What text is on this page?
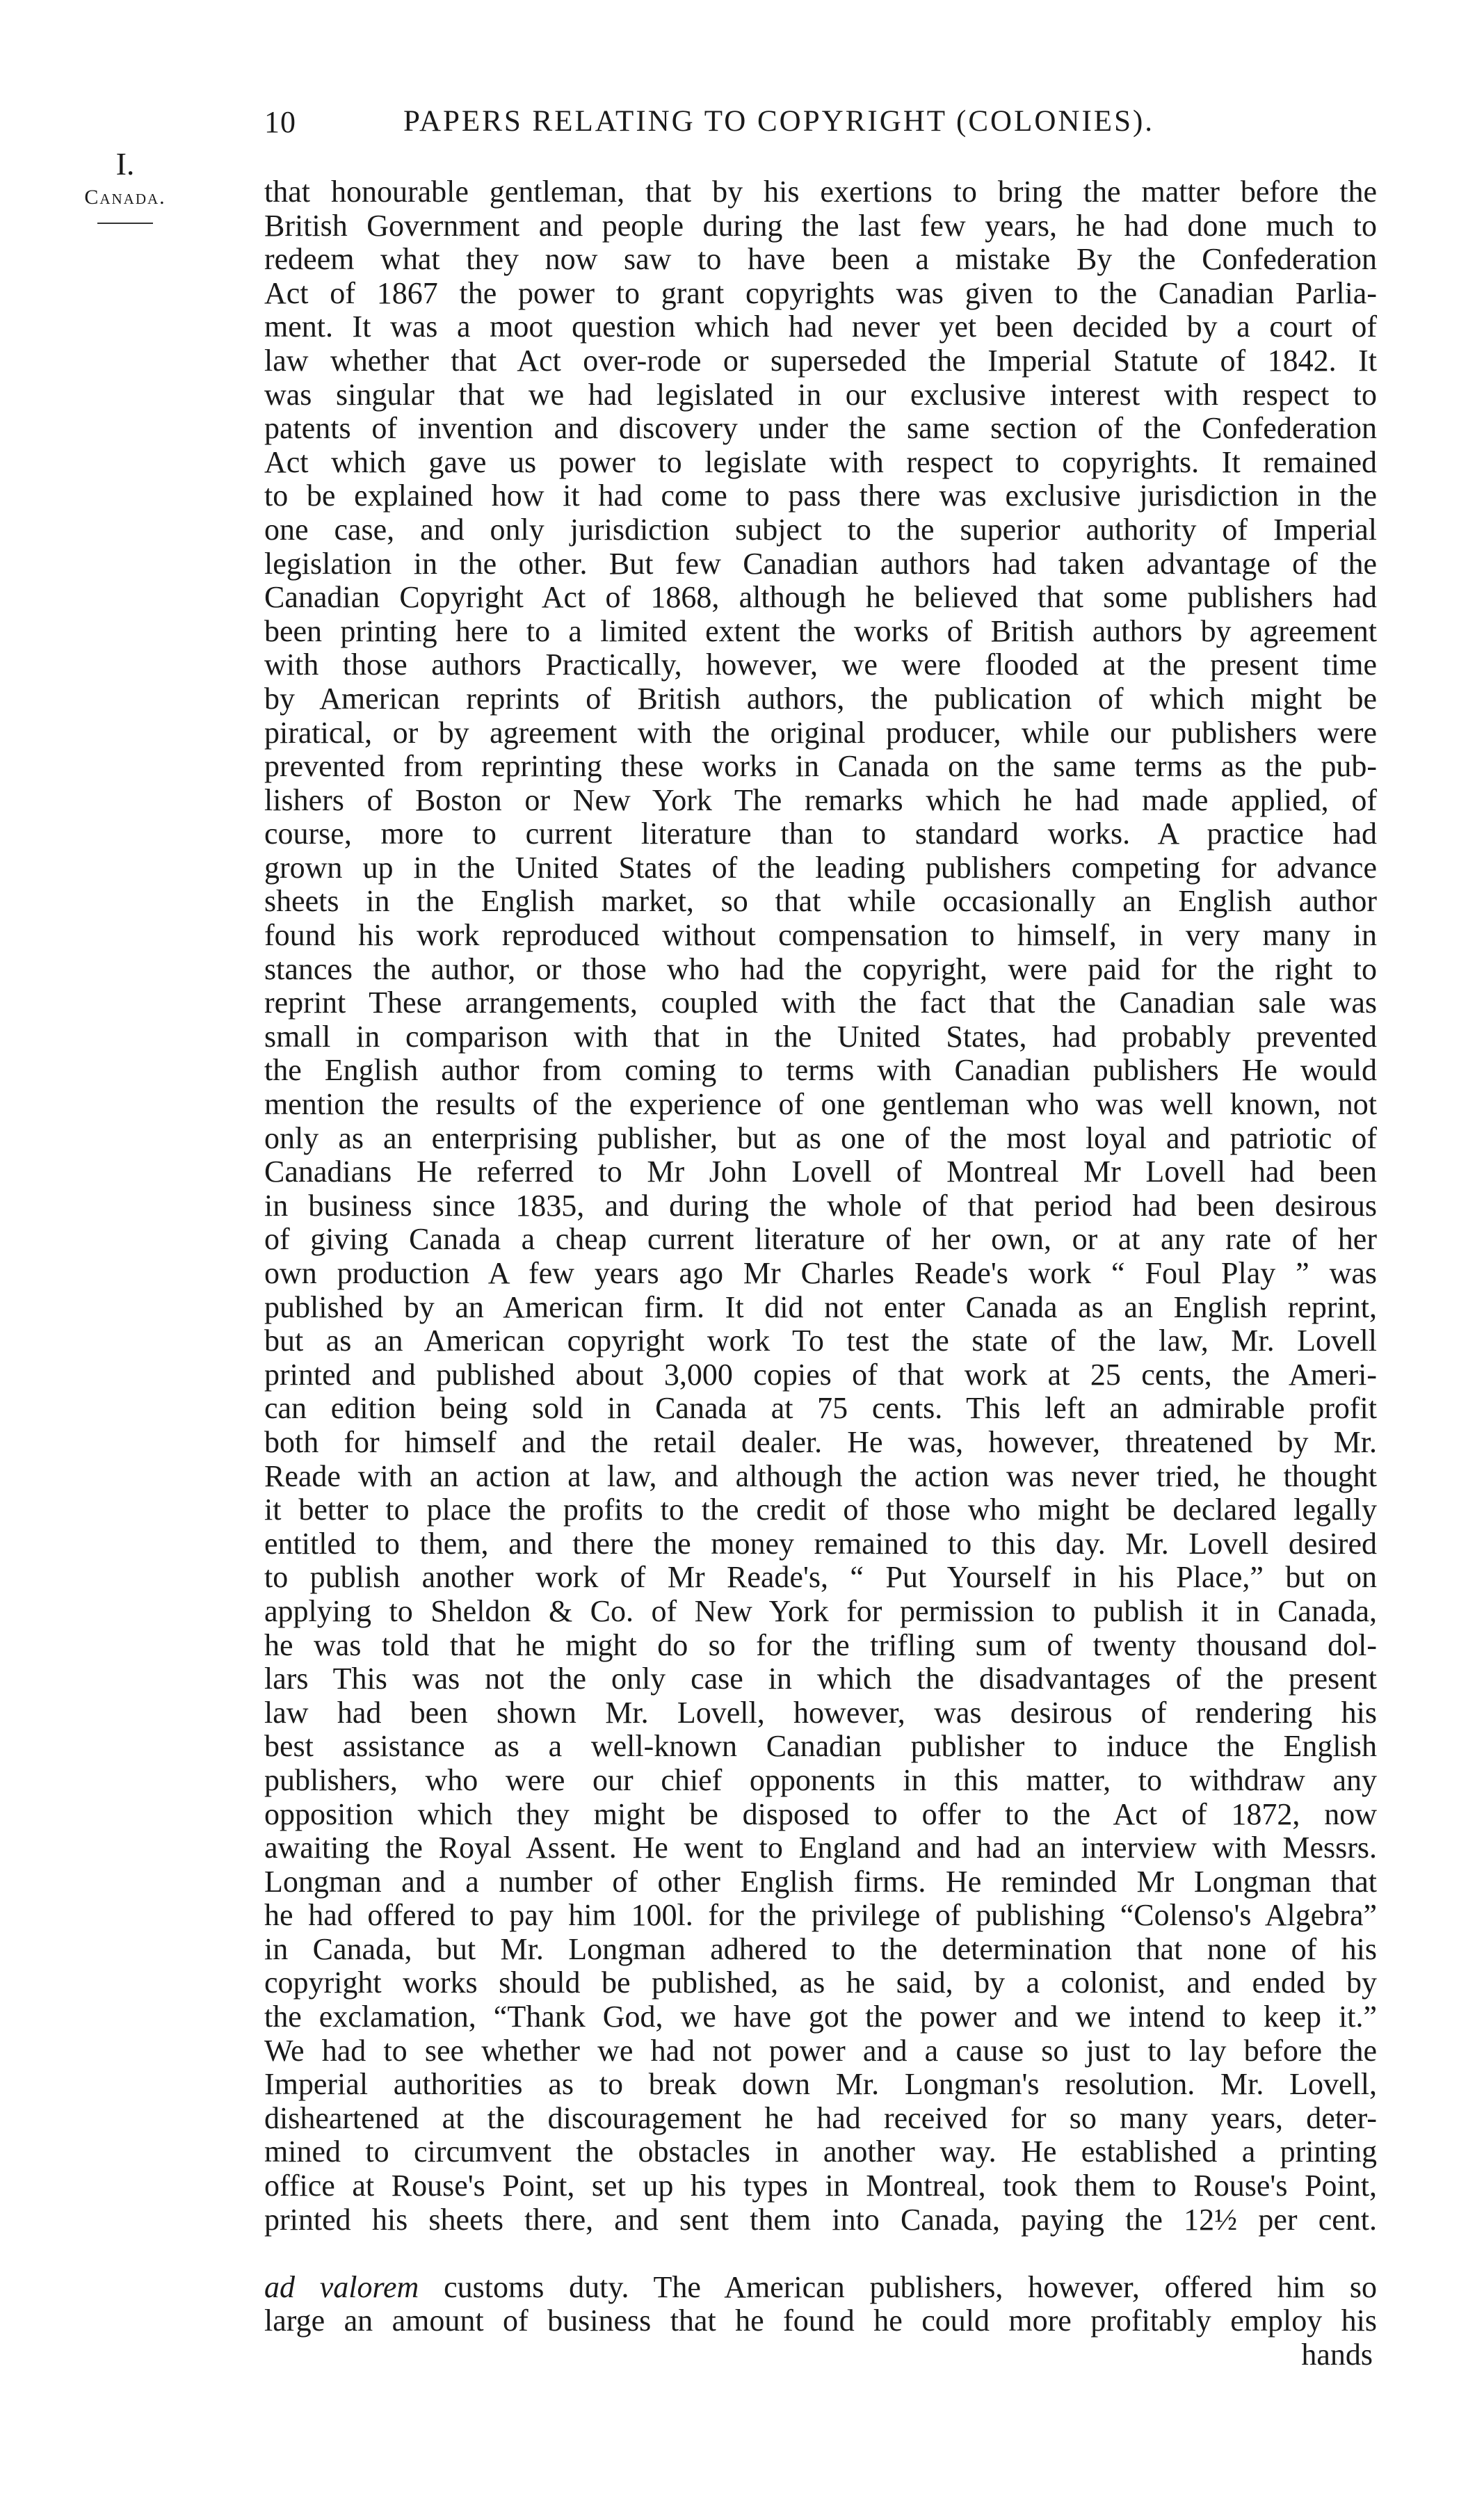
10	PAPERS RELATING TO COPYRIGHT (COLONIES).
I.
Canada.	that honourable gentleman, that by his exertions to bring the matter before the
British Government and people during the last few years, he had done much to
redeem what they now saw to have been a mistake By the Confederation
Act of 1867 the power to grant copyrights was given to the Canadian Parlia-
ment. It was a moot question which had never yet been decided by a court of
law whether that Act over-rode or superseded the Imperial Statute of 1842. It
was singular that we had legislated in our exclusive interest with respect to
patents of invention and discovery under the same section of the Confederation
Act which gave us power to legislate with respect to copyrights. It remained
to be explained how it had come to pass there was exclusive jurisdiction in the
one case, and only jurisdiction subject to the superior authority of Imperial
legislation in the other. But few Canadian authors had taken advantage of the
Canadian Copyright Act of 1868, although he believed that some publishers had
been printing here to a limited extent the works of British authors by agreement
with those authors Practically, however, we were flooded at the present time
by American reprints of British authors, the publication of which might be
piratical, or by agreement with the original producer, while our publishers were
prevented from reprinting these works in Canada on the same terms as the pub-
lishers of Boston or New York The remarks which he had made applied, of
course, more to current literature than to standard works. A practice had
grown up in the United States of the leading publishers competing for advance
sheets in the English market, so that while occasionally an English author
found his work reproduced without compensation to himself, in very many in
stances the author, or those who had the copyright, were paid for the right to
reprint These arrangements, coupled with the fact that the Canadian sale was
small in comparison with that in the United States, had probably prevented
the English author from coming to terms with Canadian publishers He would
mention the results of the experience of one gentleman who was well known, not
only as an enterprising publisher, but as one of the most loyal and patriotic of
Canadians He referred to Mr John Lovell of Montreal Mr Lovell had been
in business since 1835, and during the whole of that period had been desirous
of giving Canada a cheap current literature of her own, or at any rate of her
own production A few years ago Mr Charles Reade's work “ Foul Play ” was
published by an American firm. It did not enter Canada as an English reprint,
but as an American copyright work To test the state of the law, Mr. Lovell
printed and published about 3,000 copies of that work at 25 cents, the Ameri-
can edition being sold in Canada at 75 cents. This left an admirable profit
both for himself and the retail dealer. He was, however, threatened by Mr.
Reade with an action at law, and although the action was never tried, he thought
it better to place the profits to the credit of those who might be declared legally
entitled to them, and there the money remained to this day. Mr. Lovell desired
to publish another work of Mr Reade's, “ Put Yourself in his Place,” but on
applying to Sheldon & Co. of New York for permission to publish it in Canada,
he was told that he might do so for the trifling sum of twenty thousand dol-
lars This was not the only case in which the disadvantages of the present
law had been shown Mr. Lovell, however, was desirous of rendering his
best assistance as a well-known Canadian publisher to induce the English
publishers, who were our chief opponents in this matter, to withdraw any
opposition which they might be disposed to offer to the Act of 1872, now
awaiting the Royal Assent. He went to England and had an interview with Messrs.
Longman and a number of other English firms. He reminded Mr Longman that
he had offered to pay him 100l. for the privilege of publishing “Colenso's Algebra”
in Canada, but Mr. Longman adhered to the determination that none of his
copyright works should be published, as he said, by a colonist, and ended by
the exclamation, “Thank God, we have got the power and we intend to keep it.”
We had to see whether we had not power and a cause so just to lay before the
Imperial authorities as to break down Mr. Longman's resolution. Mr. Lovell,
disheartened at the discouragement he had received for so many years, deter-
mined to circumvent the obstacles in another way. He established a printing
office at Rouse's Point, set up his types in Montreal, took them to Rouse's Point,
printed his sheets there, and sent them into Canada, paying the 12½ per cent.
ad valorem customs duty. The American publishers, however, offered him so
large an amount of business that he found he could more profitably employ his
hands
